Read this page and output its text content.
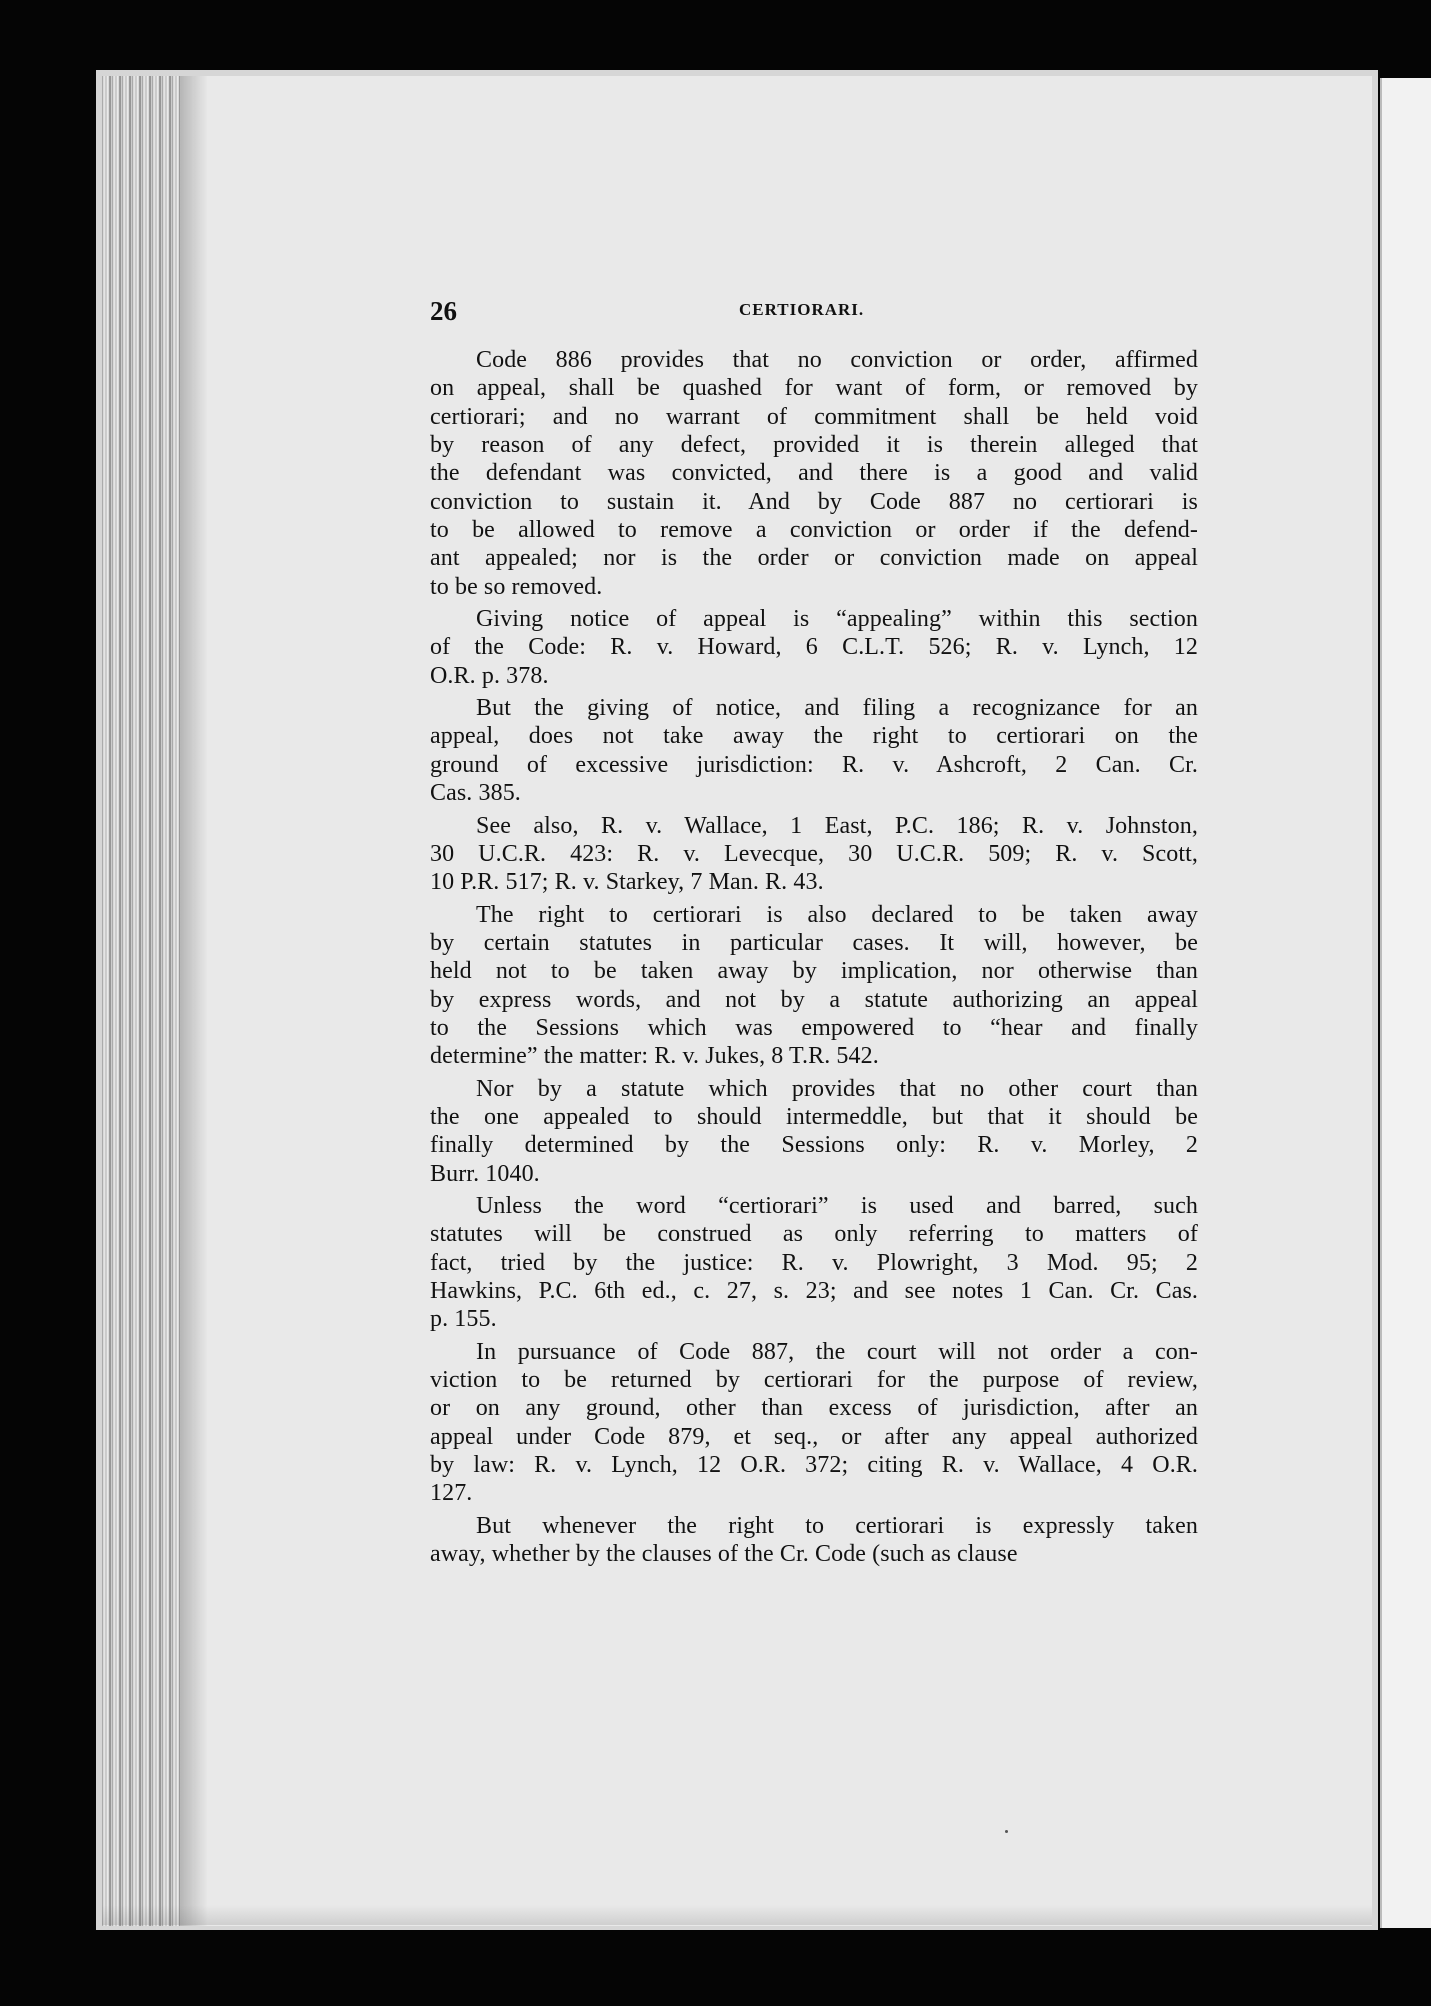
26	CERTIORARI.
Code 886 provides that no conviction or order, affirmed
on appeal, shall be quashed for want of form, or removed by
certiorari; and no warrant of commitment shall be held void
by reason of any defect, provided it is therein alleged that
the defendant was convicted, and there is a good and valid
conviction to sustain it. And by Code 887 no certiorari is
to be allowed to remove a conviction or order if the defend-
ant appealed; nor is the order or conviction made on appeal
to be so removed.
Giving notice of appeal is “appealing” within this section
of the Code: R. v. Howard, 6 C.L.T. 526; R. v. Lynch, 12
O.R. p. 378.
But the giving of notice, and filing a recognizance for an
appeal, does not take away the right to certiorari on the
ground of excessive jurisdiction: R. v. Ashcroft, 2 Can. Cr.
Cas. 385.
See also, R. v. Wallace, 1 East, P.C. 186; R. v. Johnston,
30 U.C.R. 423: R. v. Levecque, 30 U.C.R. 509; R. v. Scott,
10 P.R. 517; R. v. Starkey, 7 Man. R. 43.
The right to certiorari is also declared to be taken away
by certain statutes in particular cases. It will, however, be
held not to be taken away by implication, nor otherwise than
by express words, and not by a statute authorizing an appeal
to the Sessions which was empowered to “hear and finally
determine” the matter: R. v. Jukes, 8 T.R. 542.
Nor by a statute which provides that no other court than
the one appealed to should intermeddle, but that it should be
finally determined by the Sessions only: R. v. Morley, 2
Burr. 1040.
Unless the word “certiorari” is used and barred, such
statutes will be construed as only referring to matters of
fact, tried by the justice: R. v. Plowright, 3 Mod. 95; 2
Hawkins, P.C. 6th ed., c. 27, s. 23; and see notes 1 Can. Cr. Cas.
p. 155.
In pursuance of Code 887, the court will not order a con-
viction to be returned by certiorari for the purpose of review,
or on any ground, other than excess of jurisdiction, after an
appeal under Code 879, et seq., or after any appeal authorized
by law: R. v. Lynch, 12 O.R. 372; citing R. v. Wallace, 4 O.R.
127.
But whenever the right to certiorari is expressly taken
away, whether by the clauses of the Cr. Code (such as clause
